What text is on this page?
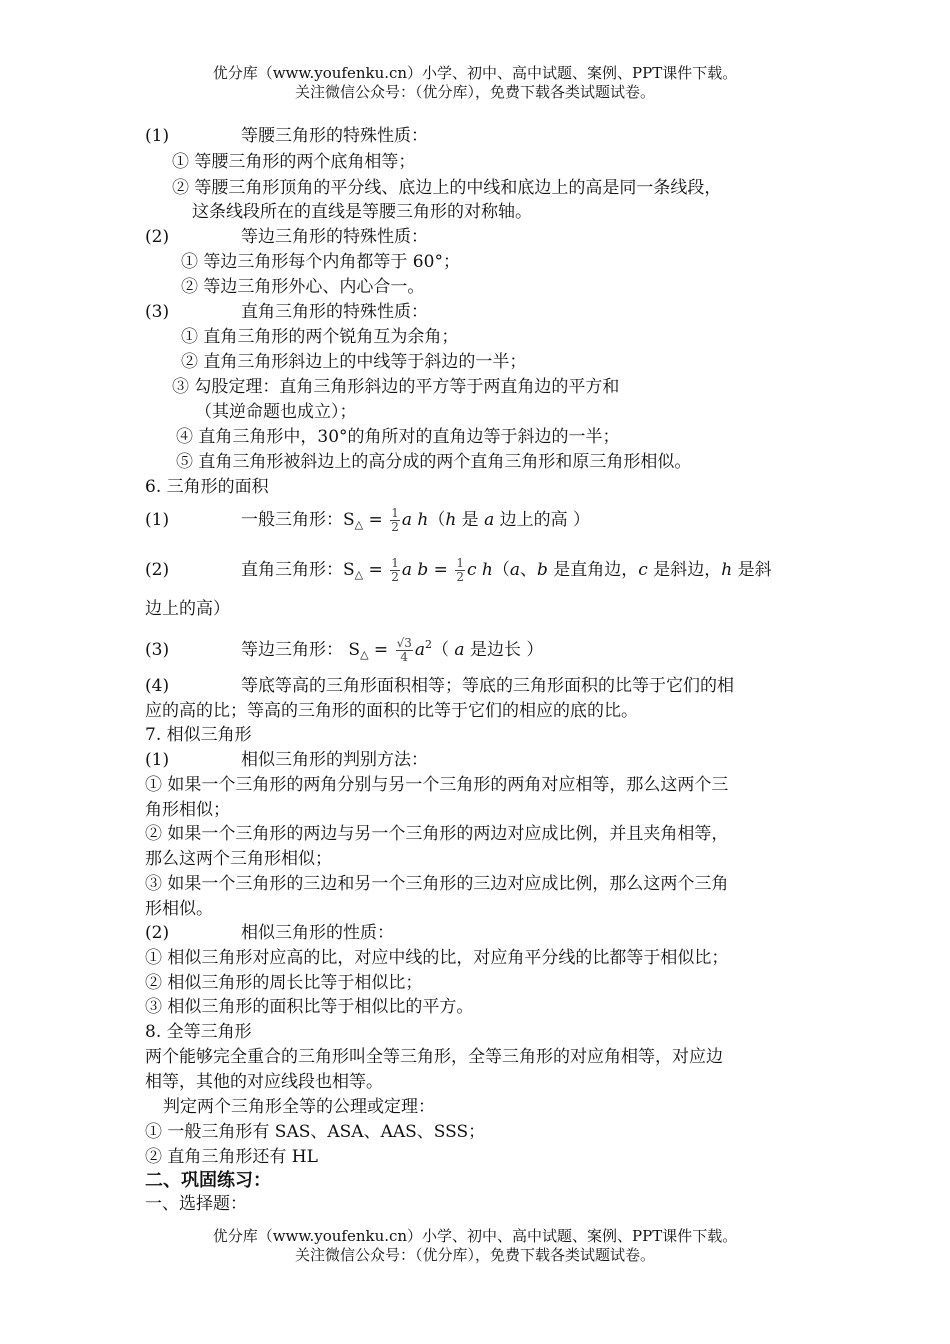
优分库（www.youfenku.cn）小学、初中、高中试题、案例、PPT课件下载。
关注微信公众号：（优分库），免费下载各类试题试卷。
(1)	等腰三角形的特殊性质：
① 等腰三角形的两个底角相等；
② 等腰三角形顶角的平分线、底边上的中线和底边上的高是同一条线段，
这条线段所在的直线是等腰三角形的对称轴。
(2)	等边三角形的特殊性质：
① 等边三角形每个内角都等于 60°；
② 等边三角形外心、内心合一。
(3)	直角三角形的特殊性质：
① 直角三角形的两个锐角互为余角；
② 直角三角形斜边上的中线等于斜边的一半；
③ 勾股定理：直角三角形斜边的平方等于两直角边的平方和
（其逆命题也成立）；
④ 直角三角形中，30°的角所对的直角边等于斜边的一半；
⑤ 直角三角形被斜边上的高分成的两个直角三角形和原三角形相似。
6. 三角形的面积
(1)	一般三角形：$S_\triangle = \frac{1}{2}$ a h（h 是 a 边上的高 ）
(2)	直角三角形：$S_\triangle = \frac{1}{2}$ a $b = \frac{1}{2}$ c h（a、b 是直角边，c 是斜边，h 是斜
边上的高）
(3)	等边三角形： $S_\triangle = \frac{√3}{4} a^2$（ a 是边长 ）
(4)	等底等高的三角形面积相等；等底的三角形面积的比等于它们的相
应的高的比；等高的三角形的面积的比等于它们的相应的底的比。
7. 相似三角形
(1)	相似三角形的判别方法：
① 如果一个三角形的两角分别与另一个三角形的两角对应相等，那么这两个三
角形相似；
② 如果一个三角形的两边与另一个三角形的两边对应成比例，并且夹角相等，
那么这两个三角形相似；
③ 如果一个三角形的三边和另一个三角形的三边对应成比例，那么这两个三角
形相似。
(2)	相似三角形的性质：
① 相似三角形对应高的比，对应中线的比，对应角平分线的比都等于相似比；
② 相似三角形的周长比等于相似比；
③ 相似三角形的面积比等于相似比的平方。
8. 全等三角形
两个能够完全重合的三角形叫全等三角形，全等三角形的对应角相等，对应边
相等，其他的对应线段也相等。
判定两个三角形全等的公理或定理：
① 一般三角形有 SAS、ASA、AAS、SSS；
② 直角三角形还有 HL
二、巩固练习：
一、选择题：
优分库（www.youfenku.cn）小学、初中、高中试题、案例、PPT课件下载。
关注微信公众号：（优分库），免费下载各类试题试卷。
